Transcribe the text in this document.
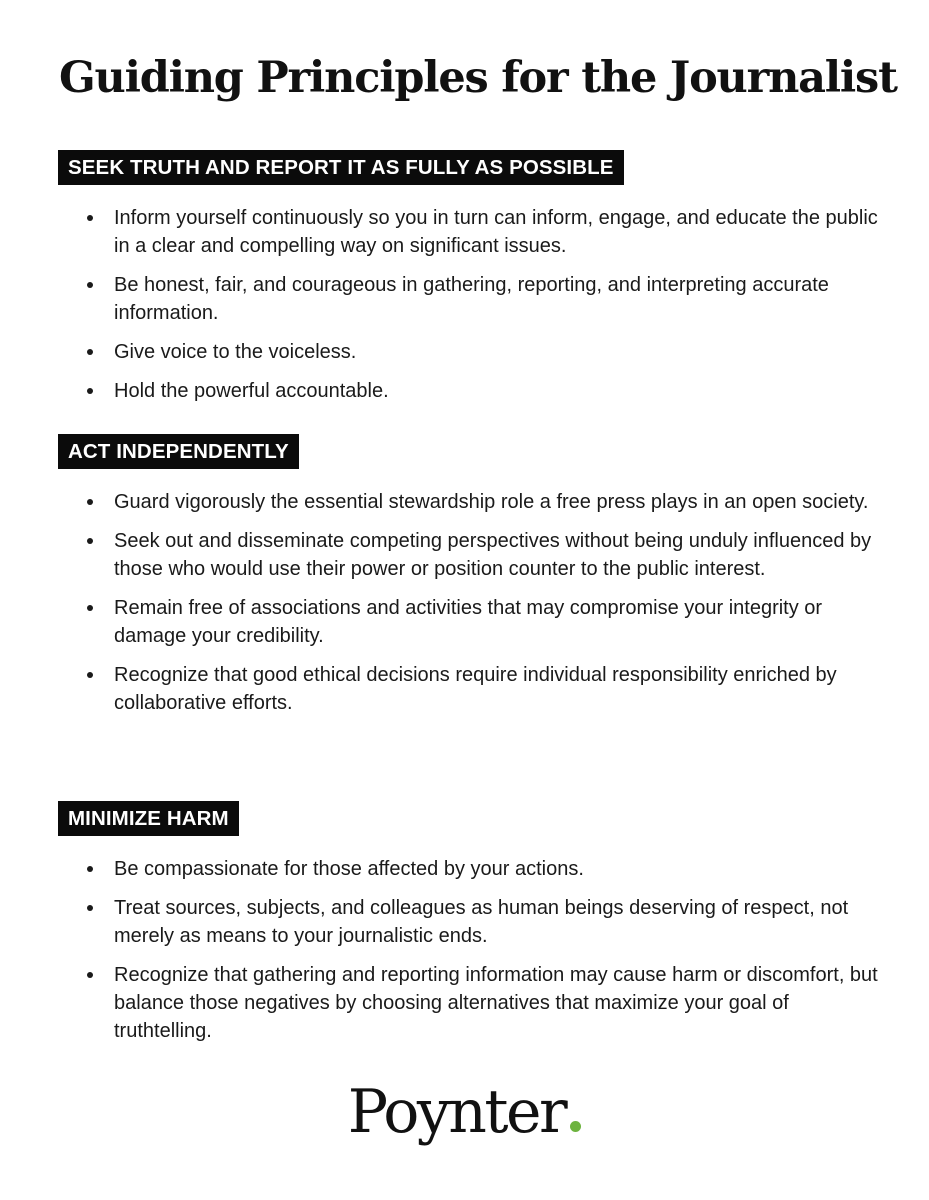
Guiding Principles for the Journalist
SEEK TRUTH AND REPORT IT AS FULLY AS POSSIBLE
Inform yourself continuously so you in turn can inform, engage, and educate the public in a clear and compelling way on significant issues.
Be honest, fair, and courageous in gathering, reporting, and interpreting accurate information.
Give voice to the voiceless.
Hold the powerful accountable.
ACT INDEPENDENTLY
Guard vigorously the essential stewardship role a free press plays in an open society.
Seek out and disseminate competing perspectives without being unduly influenced by those who would use their power or position counter to the public interest.
Remain free of associations and activities that may compromise your integrity or damage your credibility.
Recognize that good ethical decisions require individual responsibility enriched by collaborative efforts.
MINIMIZE HARM
Be compassionate for those affected by your actions.
Treat sources, subjects, and colleagues as human beings deserving of respect, not merely as means to your journalistic ends.
Recognize that gathering and reporting information may cause harm or discomfort, but balance those negatives by choosing alternatives that maximize your goal of truthtelling.
Poynter
